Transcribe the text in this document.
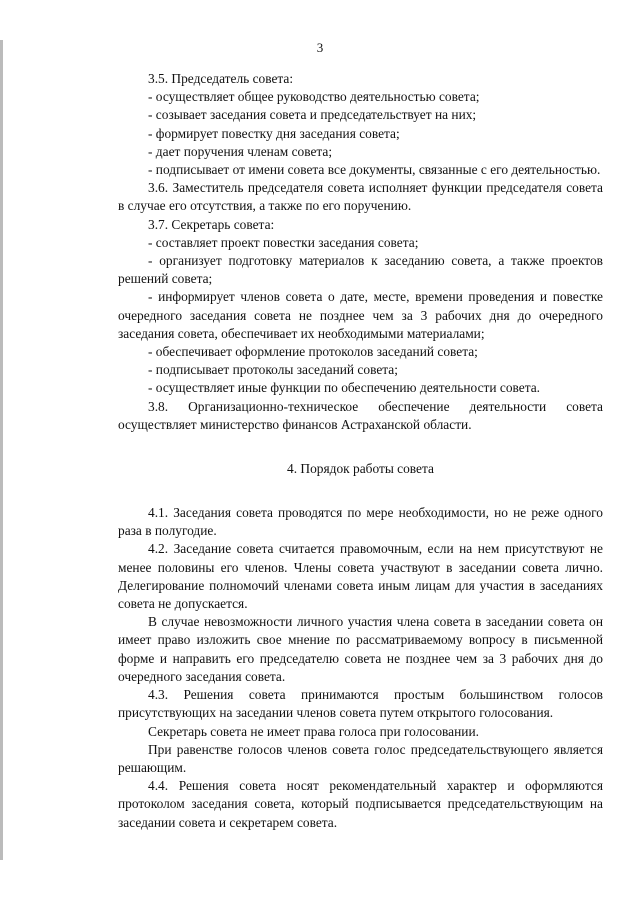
3

3.5. Председатель совета:

- осуществляет общее руководство деятельностью совета;

- созывает заседания совета и председательствует на них;

- формирует повестку дня заседания совета;

- дает поручения членам совета;

- подписывает от имени совета все документы, связанные с его деятельностью.

3.6. Заместитель председателя совета исполняет функции председателя совета в случае его отсутствия, а также по его поручению.

3.7. Секретарь совета:

- составляет проект повестки заседания совета;

- организует подготовку материалов к заседанию совета, а также проектов решений совета;

- информирует членов совета о дате, месте, времени проведения и повестке очередного заседания совета не позднее чем за 3 рабочих дня до очередного заседания совета, обеспечивает их необходимыми материалами;

- обеспечивает оформление протоколов заседаний совета;

- подписывает протоколы заседаний совета;

- осуществляет иные функции по обеспечению деятельности совета.

3.8. Организационно-техническое обеспечение деятельности совета осуществляет министерство финансов Астраханской области.

4. Порядок работы совета

4.1. Заседания совета проводятся по мере необходимости, но не реже одного раза в полугодие.

4.2. Заседание совета считается правомочным, если на нем присутствуют не менее половины его членов. Члены совета участвуют в заседании совета лично. Делегирование полномочий членами совета иным лицам для участия в заседаниях совета не допускается.

В случае невозможности личного участия члена совета в заседании совета он имеет право изложить свое мнение по рассматриваемому вопросу в письменной форме и направить его председателю совета не позднее чем за 3 рабочих дня до очередного заседания совета.

4.3. Решения совета принимаются простым большинством голосов присутствующих на заседании членов совета путем открытого голосования.

Секретарь совета не имеет права голоса при голосовании.

При равенстве голосов членов совета голос председательствующего является решающим.

4.4. Решения совета носят рекомендательный характер и оформляются протоколом заседания совета, который подписывается председательствующим на заседании совета и секретарем совета.
